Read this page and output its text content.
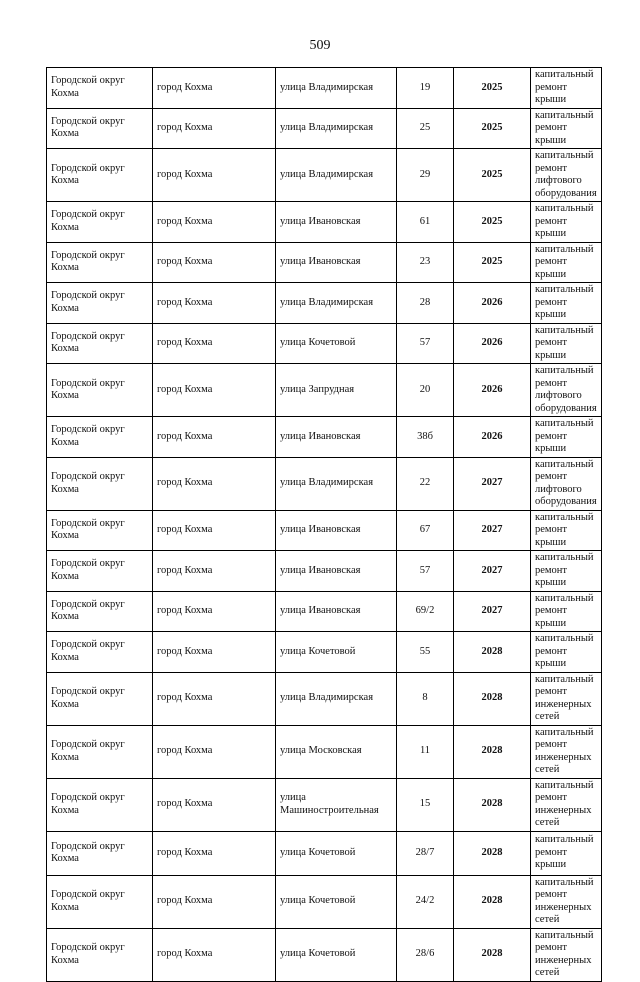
509
Городской округ Кохма	город Кохма	улица Владимирская	19	2025	капитальный ремонт крыши
Городской округ Кохма	город Кохма	улица Владимирская	25	2025	капитальный ремонт крыши
Городской округ Кохма	город Кохма	улица Владимирская	29	2025	капитальный ремонт лифтового оборудования
Городской округ Кохма	город Кохма	улица Ивановская	61	2025	капитальный ремонт крыши
Городской округ Кохма	город Кохма	улица Ивановская	23	2025	капитальный ремонт крыши
Городской округ Кохма	город Кохма	улица Владимирская	28	2026	капитальный ремонт крыши
Городской округ Кохма	город Кохма	улица Кочетовой	57	2026	капитальный ремонт крыши
Городской округ Кохма	город Кохма	улица Запрудная	20	2026	капитальный ремонт лифтового оборудования
Городской округ Кохма	город Кохма	улица Ивановская	38б	2026	капитальный ремонт крыши
Городской округ Кохма	город Кохма	улица Владимирская	22	2027	капитальный ремонт лифтового оборудования
Городской округ Кохма	город Кохма	улица Ивановская	67	2027	капитальный ремонт крыши
Городской округ Кохма	город Кохма	улица Ивановская	57	2027	капитальный ремонт крыши
Городской округ Кохма	город Кохма	улица Ивановская	69/2	2027	капитальный ремонт крыши
Городской округ Кохма	город Кохма	улица Кочетовой	55	2028	капитальный ремонт крыши
Городской округ Кохма	город Кохма	улица Владимирская	8	2028	капитальный ремонт инженерных сетей
Городской округ Кохма	город Кохма	улица Московская	11	2028	капитальный ремонт инженерных сетей
Городской округ Кохма	город Кохма	улица Машиностроительная	15	2028	капитальный ремонт инженерных сетей
Городской округ Кохма	город Кохма	улица Кочетовой	28/7	2028	капитальный ремонт крыши
Городской округ Кохма	город Кохма	улица Кочетовой	24/2	2028	капитальный ремонт инженерных сетей
Городской округ Кохма	город Кохма	улица Кочетовой	28/6	2028	капитальный ремонт инженерных сетей
